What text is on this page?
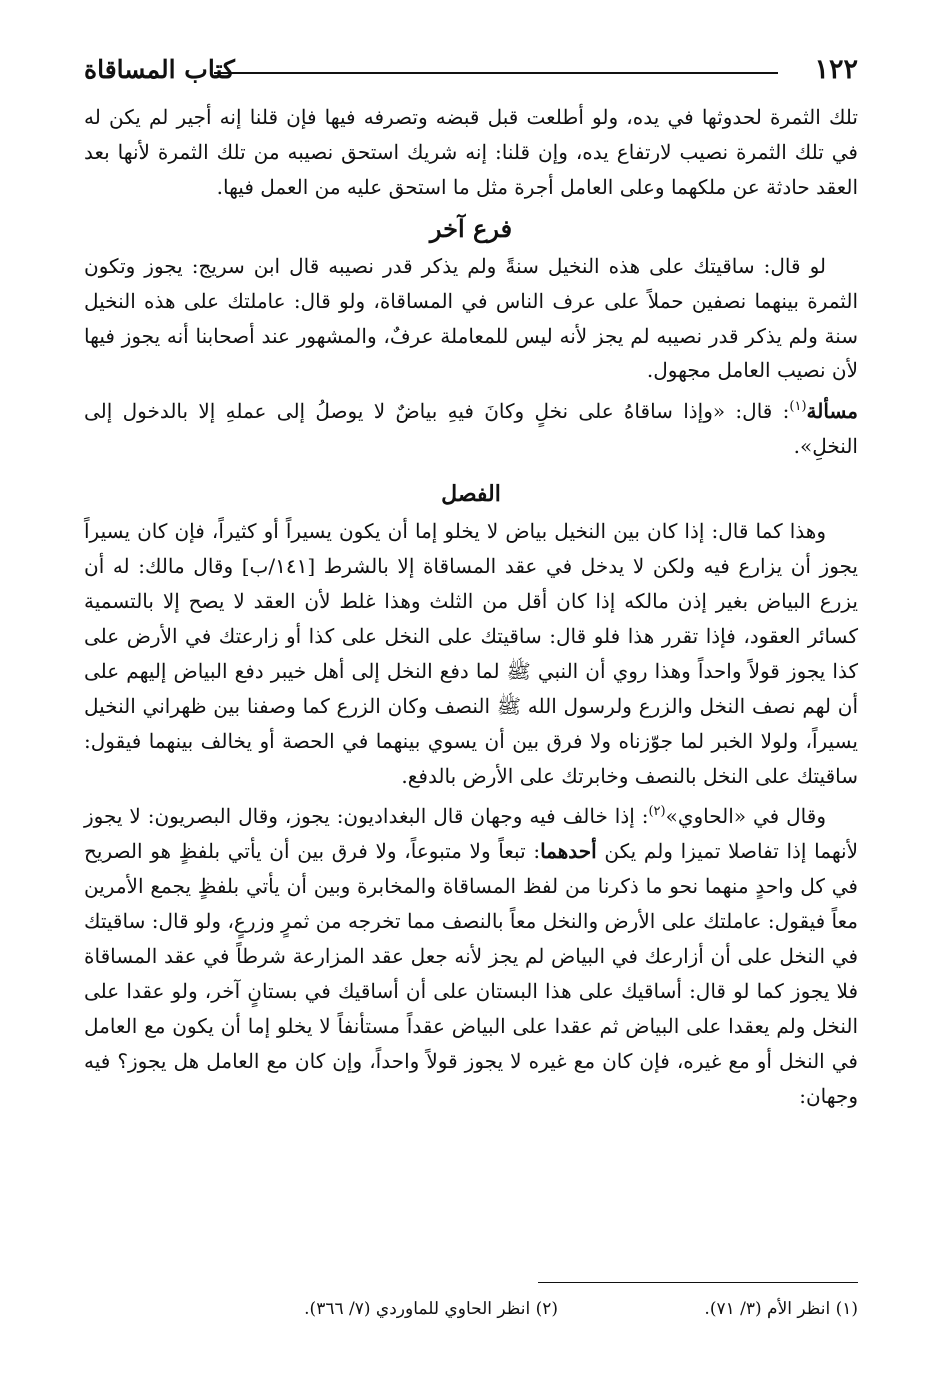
١٢٢
كتاب المساقاة

تلك الثمرة لحدوثها في يده، ولو أطلعت قبل قبضه وتصرفه فيها فإن قلنا إنه أجير لم يكن له في تلك الثمرة نصيب لارتفاع يده، وإن قلنا: إنه شريك استحق نصيبه من تلك الثمرة لأنها بعد العقد حادثة عن ملكهما وعلى العامل أجرة مثل ما استحق عليه من العمل فيها.

فرع آخر

لو قال: ساقيتك على هذه النخيل سنةً ولم يذكر قدر نصيبه قال ابن سريج: يجوز وتكون الثمرة بينهما نصفين حملاً على عرف الناس في المساقاة، ولو قال: عاملتك على هذه النخيل سنة ولم يذكر قدر نصيبه لم يجز لأنه ليس للمعاملة عرفٌ، والمشهور عند أصحابنا أنه يجوز فيها لأن نصيب العامل مجهول.

مسألة$^{(١)}$: قال: «وإذا ساقاهُ على نخلٍ وكانَ فيهِ بياضٌ لا يوصلُ إلى عملهِ إلا بالدخول إلى النخلِ».

الفصل

وهذا كما قال: إذا كان بين النخيل بياض لا يخلو إما أن يكون يسيراً أو كثيراً، فإن كان يسيراً يجوز أن يزارع فيه ولكن لا يدخل في عقد المساقاة إلا بالشرط [١٤١/ب] وقال مالك: له أن يزرع البياض بغير إذن مالكه إذا كان أقل من الثلث وهذا غلط لأن العقد لا يصح إلا بالتسمية كسائر العقود، فإذا تقرر هذا فلو قال: ساقيتك على النخل على كذا أو زارعتك في الأرض على كذا يجوز قولاً واحداً وهذا روي أن النبي ﷺ لما دفع النخل إلى أهل خيبر دفع البياض إليهم على أن لهم نصف النخل والزرع ولرسول الله ﷺ النصف وكان الزرع كما وصفنا بين ظهراني النخيل يسيراً، ولولا الخبر لما جوّزناه ولا فرق بين أن يسوي بينهما في الحصة أو يخالف بينهما فيقول: ساقيتك على النخل بالنصف وخابرتك على الأرض بالدفع.

وقال في «الحاوي»$^{(٢)}$: إذا خالف فيه وجهان قال البغداديون: يجوز، وقال البصريون: لا يجوز لأنهما إذا تفاصلا تميزا ولم يكن أحدهما: تبعاً ولا متبوعاً، ولا فرق بين أن يأتي بلفظٍ هو الصريح في كل واحدٍ منهما نحو ما ذكرنا من لفظ المساقاة والمخابرة وبين أن يأتي بلفظٍ يجمع الأمرين معاً فيقول: عاملتك على الأرض والنخل معاً بالنصف مما تخرجه من ثمرٍ وزرعٍ، ولو قال: ساقيتك في النخل على أن أزارعك في البياض لم يجز لأنه جعل عقد المزارعة شرطاً في عقد المساقاة فلا يجوز كما لو قال: أساقيك على هذا البستان على أن أساقيك في بستانٍ آخر، ولو عقدا على النخل ولم يعقدا على البياض ثم عقدا على البياض عقداً مستأنفاً لا يخلو إما أن يكون مع العامل في النخل أو مع غيره، فإن كان مع غيره لا يجوز قولاً واحداً، وإن كان مع العامل هل يجوز؟ فيه وجهان:

(١) انظر الأم (٣/ ٧١).
(٢) انظر الحاوي للماوردي (٧/ ٣٦٦).
